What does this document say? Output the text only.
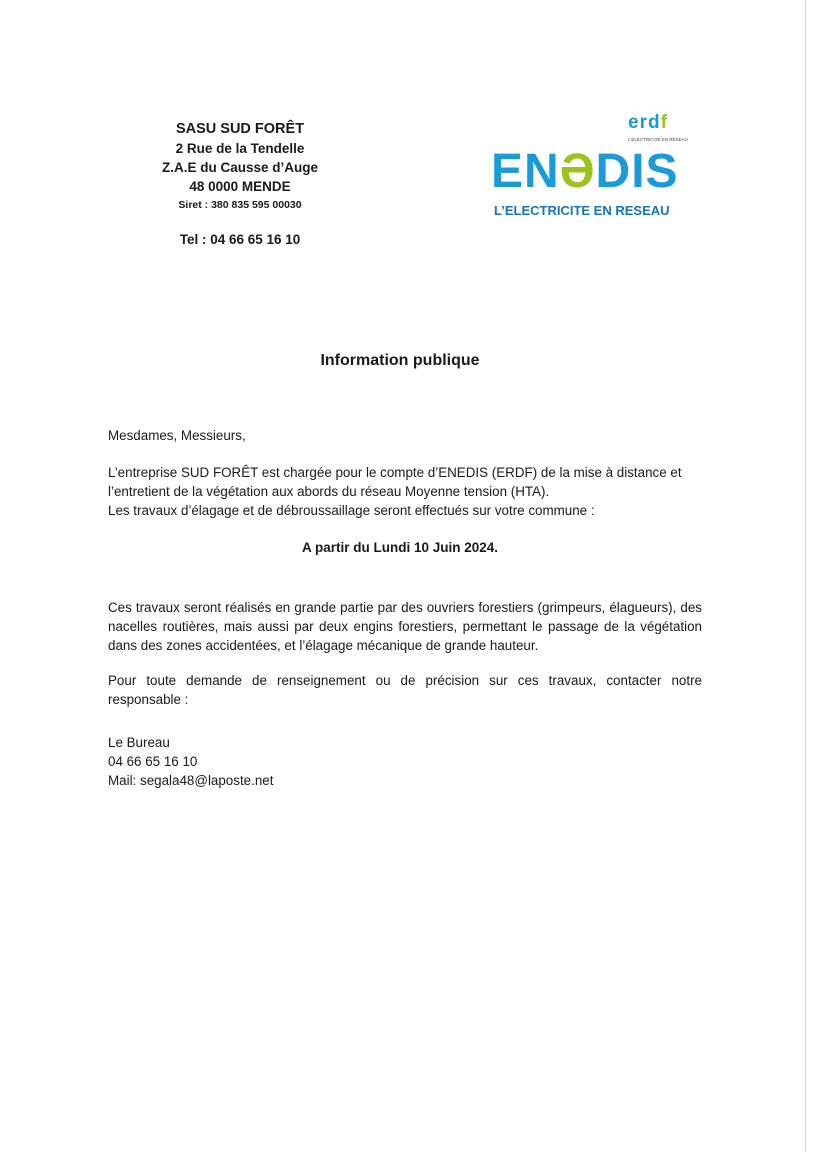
SASU SUD FORÊT
2 Rue de la Tendelle
Z.A.E du Causse d’Auge
48 0000 MENDE
Siret : 380 835 595 00030
Tel : 04 66 65 16 10
erdf
L'ELECTRICITE EN RESEAU
ENƏDIS
L’ELECTRICITE EN RESEAU
Information publique
Mesdames, Messieurs,

L’entreprise SUD FORÊT est chargée pour le compte d’ENEDIS (ERDF) de la mise à distance et

l’entretient de la végétation aux abords du réseau Moyenne tension (HTA).

Les travaux d’élagage et de débroussaillage seront effectués sur votre commune :

A partir du Lundi 10 Juin 2024.
Ces travaux seront réalisés en grande partie par des ouvriers forestiers (grimpeurs, élagueurs), des nacelles routières, mais aussi par deux engins forestiers, permettant le passage de la végétation dans des zones accidentées, et l’élagage mécanique de grande hauteur.
Pour toute demande de renseignement ou de précision sur ces travaux, contacter notre responsable :
Le Bureau
04 66 65 16 10
Mail: segala48@laposte.net
